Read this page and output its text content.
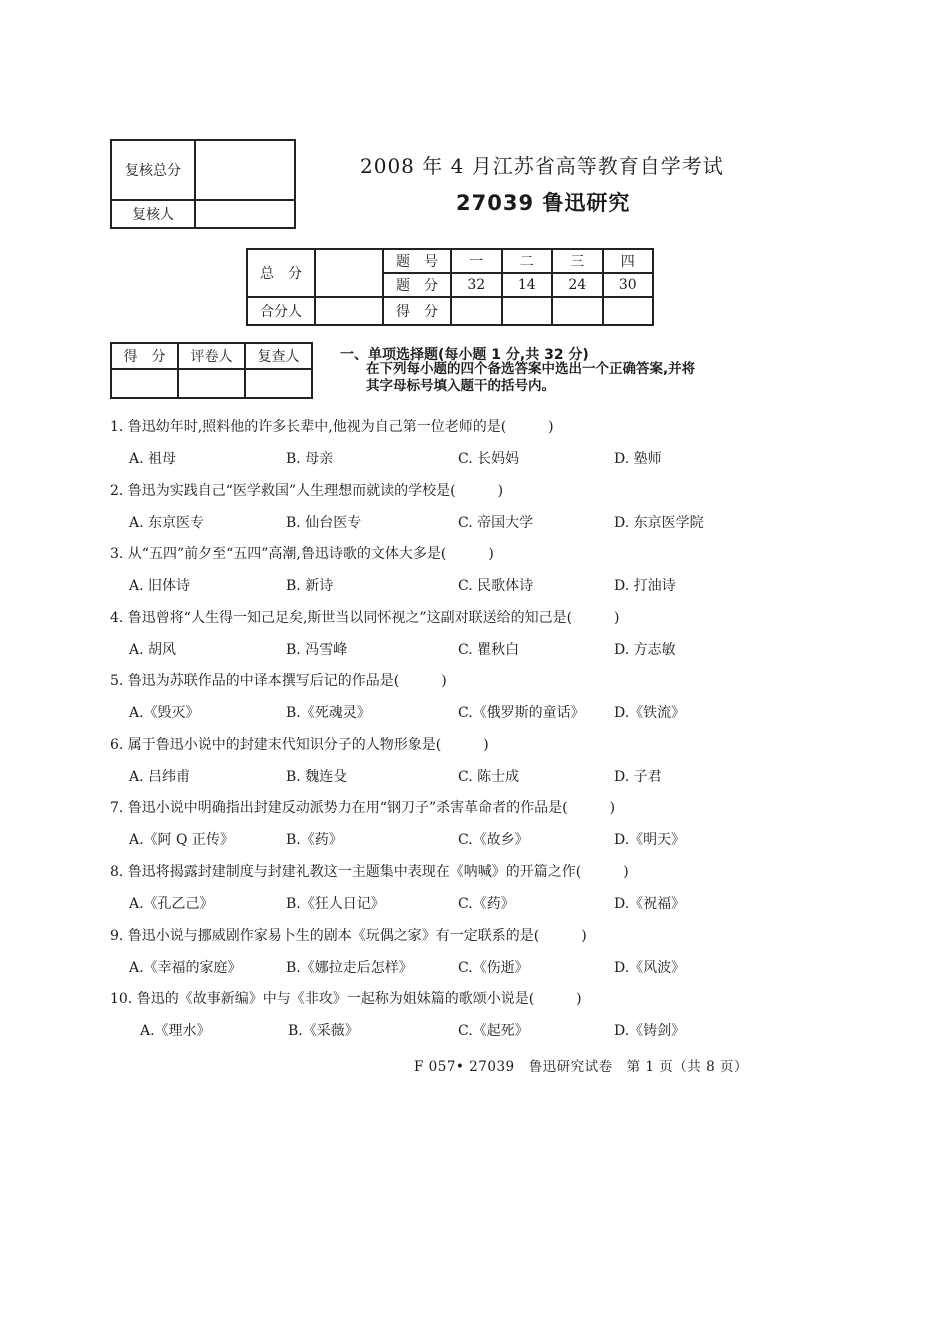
复核总分	
复核人	
2008 年 4 月江苏省高等教育自学考试
27039 鲁迅研究
总　分		题　号	一	二	三	四
		题　分	32	14	24	30
合分人		得　分				
得　分	评卷人	复查人
			一、单项选择题(每小题 1 分,共 32 分)
在下列每小题的四个备选答案中选出一个正确答案,并将
其字母标号填入题干的括号内。
1. 鲁迅幼年时,照料他的许多长辈中,他视为自己第一位老师的是(　　　)
A. 祖母	B. 母亲	C. 长妈妈	D. 塾师
2. 鲁迅为实践自己“医学救国”人生理想而就读的学校是(　　　)
A. 东京医专	B. 仙台医专	C. 帝国大学	D. 东京医学院
3. 从“五四”前夕至“五四”高潮,鲁迅诗歌的文体大多是(　　　)
A. 旧体诗	B. 新诗	C. 民歌体诗	D. 打油诗
4. 鲁迅曾将“人生得一知己足矣,斯世当以同怀视之”这副对联送给的知己是(　　　)
A. 胡风	B. 冯雪峰	C. 瞿秋白	D. 方志敏
5. 鲁迅为苏联作品的中译本撰写后记的作品是(　　　)
A.《毁灭》	B.《死魂灵》	C.《俄罗斯的童话》 D.《铁流》
6. 属于鲁迅小说中的封建末代知识分子的人物形象是(　　　)
A. 吕纬甫	B. 魏连殳	C. 陈士成	D. 子君
7. 鲁迅小说中明确指出封建反动派势力在用“钢刀子”杀害革命者的作品是(　　　)
A.《阿 Q 正传》	B.《药》	C.《故乡》	D.《明天》
8. 鲁迅将揭露封建制度与封建礼教这一主题集中表现在《呐喊》的开篇之作(　　　)
A.《孔乙己》	B.《狂人日记》	C.《药》	D.《祝福》
9. 鲁迅小说与挪威剧作家易卜生的剧本《玩偶之家》有一定联系的是(　　　)
A.《幸福的家庭》	B.《娜拉走后怎样》	C.《伤逝》	D.《风波》
10. 鲁迅的《故事新编》中与《非攻》一起称为姐妹篇的歌颂小说是(　　　)
A.《理水》	B.《采薇》	C.《起死》	D.《铸剑》
F 057• 27039　鲁迅研究试卷　第 1 页（共 8 页）
